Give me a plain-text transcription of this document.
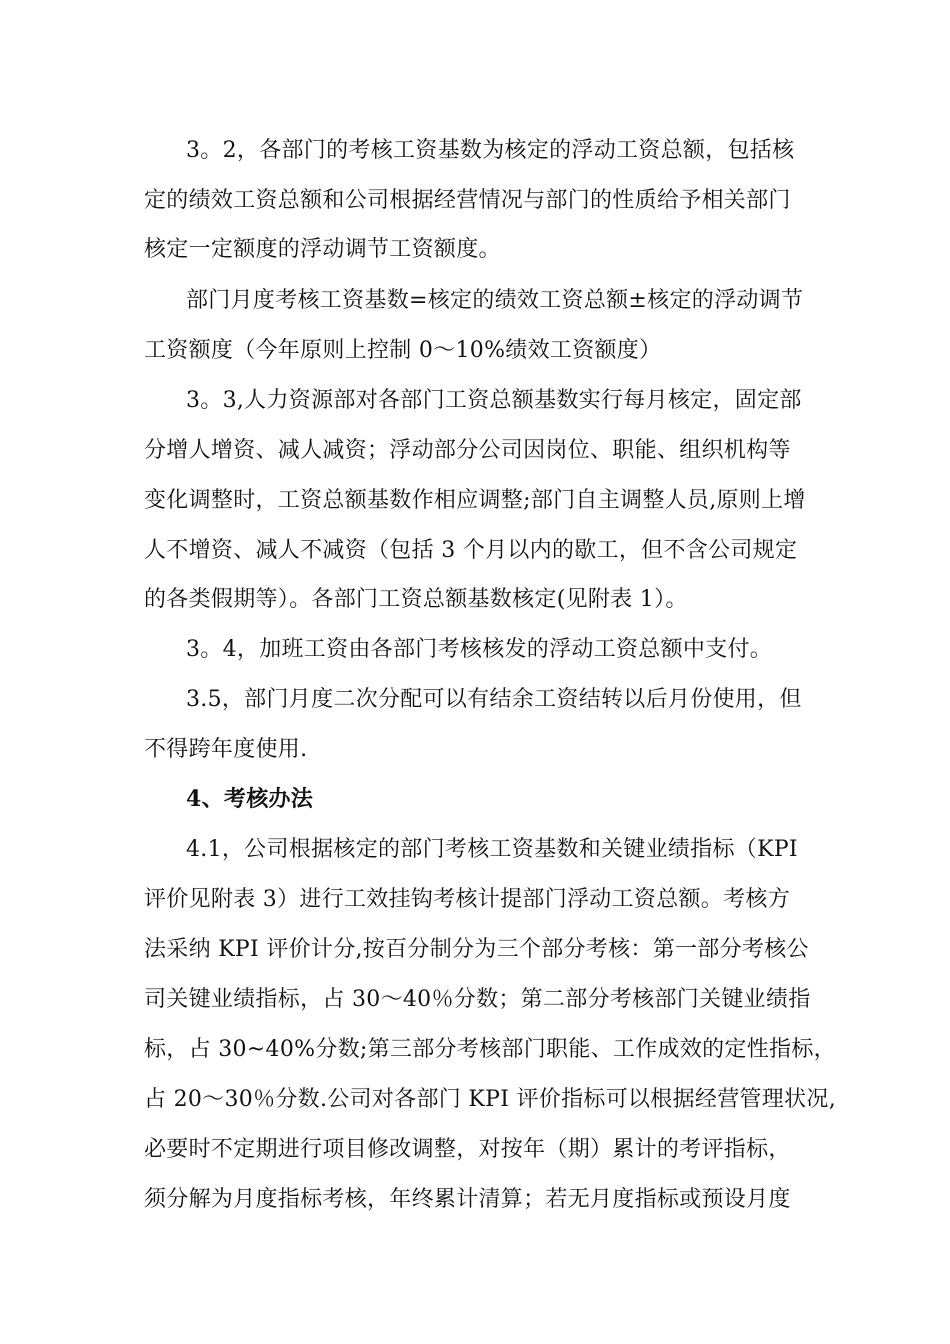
3。2，各部门的考核工资基数为核定的浮动工资总额，包括核
定的绩效工资总额和公司根据经营情况与部门的性质给予相关部门
核定一定额度的浮动调节工资额度。
部门月度考核工资基数=核定的绩效工资总额±核定的浮动调节
工资额度（今年原则上控制 0～10%绩效工资额度）
3。3,人力资源部对各部门工资总额基数实行每月核定，固定部
分增人增资、减人减资；浮动部分公司因岗位、职能、组织机构等
变化调整时，工资总额基数作相应调整;部门自主调整人员,原则上增
人不增资、减人不减资（包括 3 个月以内的歇工，但不含公司规定
的各类假期等）。各部门工资总额基数核定(见附表 1）。
3。4，加班工资由各部门考核核发的浮动工资总额中支付。
3.5，部门月度二次分配可以有结余工资结转以后月份使用，但
不得跨年度使用.
4、考核办法
4.1，公司根据核定的部门考核工资基数和关键业绩指标（KPI
评价见附表 3）进行工效挂钩考核计提部门浮动工资总额。考核方
法采纳 KPI 评价计分,按百分制分为三个部分考核：第一部分考核公
司关键业绩指标，占 30～40％分数；第二部分考核部门关键业绩指
标，占 30~40%分数;第三部分考核部门职能、工作成效的定性指标，
占 20～30％分数.公司对各部门 KPI 评价指标可以根据经营管理状况,
必要时不定期进行项目修改调整，对按年（期）累计的考评指标，
须分解为月度指标考核，年终累计清算；若无月度指标或预设月度
